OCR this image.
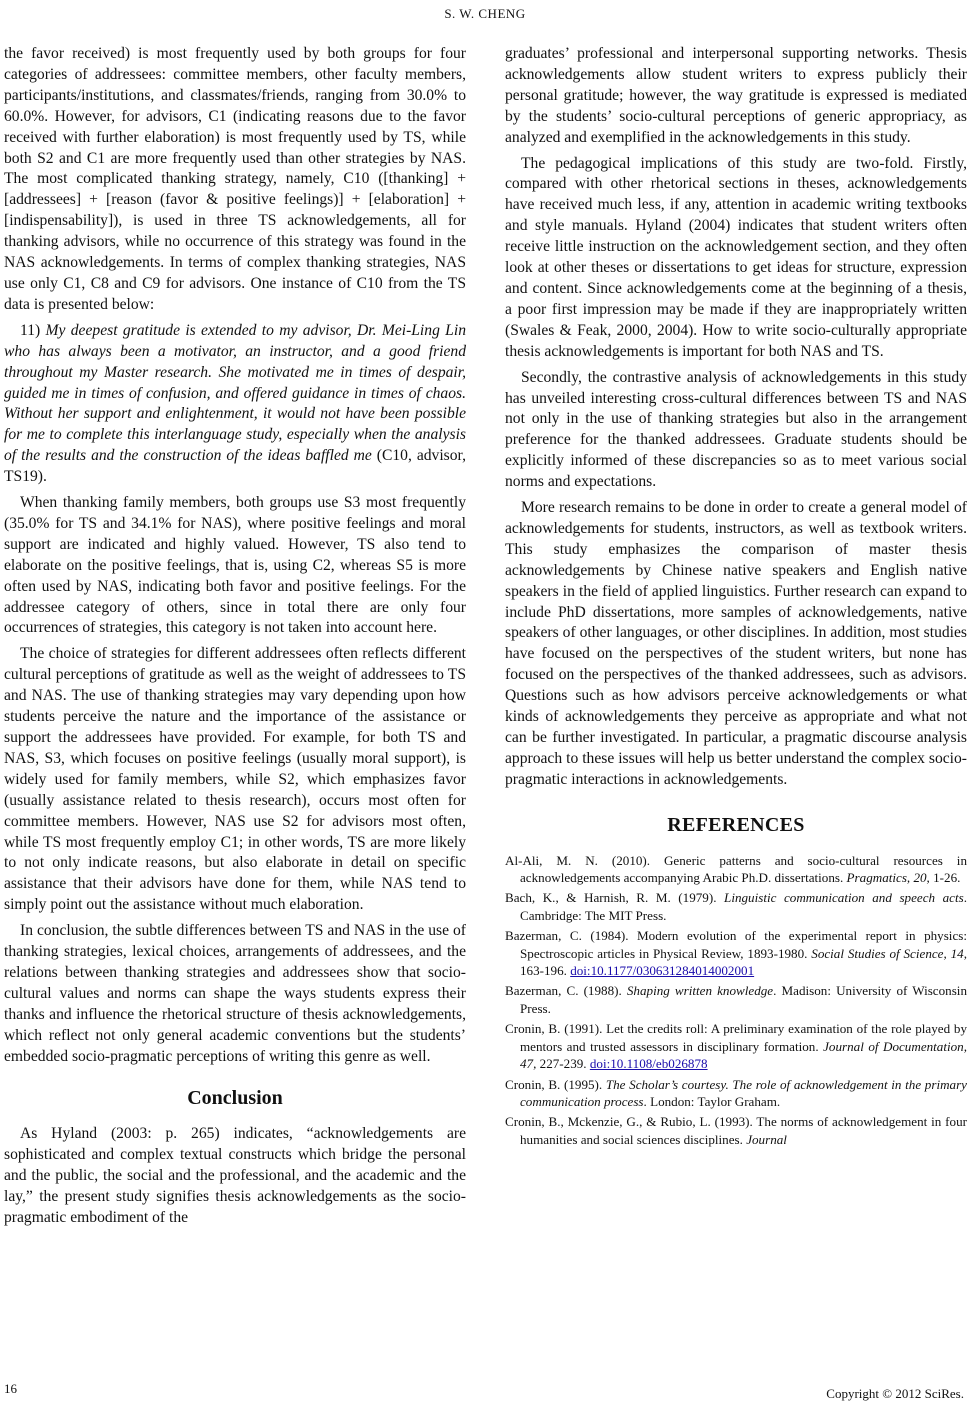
S. W. CHENG

the favor received) is most frequently used by both groups for four categories of addressees: committee members, other faculty members, participants/institutions, and classmates/friends, ranging from 30.0% to 60.0%. However, for advisors, C1 (indicating reasons due to the favor received with further elaboration) is most frequently used by TS, while both S2 and C1 are more frequently used than other strategies by NAS. The most complicated thanking strategy, namely, C10 ([thanking] + [addressees] + [reason (favor & positive feelings)] + [elaboration] + [indispensability]), is used in three TS acknowledgements, all for thanking advisors, while no occurrence of this strategy was found in the NAS acknowledgements. In terms of complex thanking strategies, NAS use only C1, C8 and C9 for advisors. One instance of C10 from the TS data is presented below:

11) My deepest gratitude is extended to my advisor, Dr. Mei-Ling Lin who has always been a motivator, an instructor, and a good friend throughout my Master research. She motivated me in times of despair, guided me in times of confusion, and offered guidance in times of chaos. Without her support and enlightenment, it would not have been possible for me to complete this interlanguage study, especially when the analysis of the results and the construction of the ideas baffled me (C10, advisor, TS19).

When thanking family members, both groups use S3 most frequently (35.0% for TS and 34.1% for NAS), where positive feelings and moral support are indicated and highly valued. However, TS also tend to elaborate on the positive feelings, that is, using C2, whereas S5 is more often used by NAS, indicating both favor and positive feelings. For the addressee category of others, since in total there are only four occurrences of strategies, this category is not taken into account here.

The choice of strategies for different addressees often reflects different cultural perceptions of gratitude as well as the weight of addressees to TS and NAS. The use of thanking strategies may vary depending upon how students perceive the nature and the importance of the assistance or support the addressees have provided. For example, for both TS and NAS, S3, which focuses on positive feelings (usually moral support), is widely used for family members, while S2, which emphasizes favor (usually assistance related to thesis research), occurs most often for committee members. However, NAS use S2 for advisors most often, while TS most frequently employ C1; in other words, TS are more likely to not only indicate reasons, but also elaborate in detail on specific assistance that their advisors have done for them, while NAS tend to simply point out the assistance without much elaboration.

In conclusion, the subtle differences between TS and NAS in the use of thanking strategies, lexical choices, arrangements of addressees, and the relations between thanking strategies and addressees show that socio-cultural values and norms can shape the ways students express their thanks and influence the rhetorical structure of thesis acknowledgements, which reflect not only general academic conventions but the students’ embedded socio-pragmatic perceptions of writing this genre as well.

Conclusion

As Hyland (2003: p. 265) indicates, “acknowledgements are sophisticated and complex textual constructs which bridge the personal and the public, the social and the professional, and the academic and the lay,” the present study signifies thesis acknowledgements as the socio-pragmatic embodiment of the

graduates’ professional and interpersonal supporting networks. Thesis acknowledgements allow student writers to express publicly their personal gratitude; however, the way gratitude is expressed is mediated by the students’ socio-cultural perceptions of generic appropriacy, as analyzed and exemplified in the acknowledgements in this study.

The pedagogical implications of this study are two-fold. Firstly, compared with other rhetorical sections in theses, acknowledgements have received much less, if any, attention in academic writing textbooks and style manuals. Hyland (2004) indicates that student writers often receive little instruction on the acknowledgement section, and they often look at other theses or dissertations to get ideas for structure, expression and content. Since acknowledgements come at the beginning of a thesis, a poor first impression may be made if they are inappropriately written (Swales & Feak, 2000, 2004). How to write socio-culturally appropriate thesis acknowledgements is important for both NAS and TS.

Secondly, the contrastive analysis of acknowledgements in this study has unveiled interesting cross-cultural differences between TS and NAS not only in the use of thanking strategies but also in the arrangement preference for the thanked addressees. Graduate students should be explicitly informed of these discrepancies so as to meet various social norms and expectations.

More research remains to be done in order to create a general model of acknowledgements for students, instructors, as well as textbook writers. This study emphasizes the comparison of master thesis acknowledgements by Chinese native speakers and English native speakers in the field of applied linguistics. Further research can expand to include PhD dissertations, more samples of acknowledgements, native speakers of other languages, or other disciplines. In addition, most studies have focused on the perspectives of the student writers, but none has focused on the perspectives of the thanked addressees, such as advisors. Questions such as how advisors perceive acknowledgements or what kinds of acknowledgements they perceive as appropriate and what not can be further investigated. In particular, a pragmatic discourse analysis approach to these issues will help us better understand the complex socio-pragmatic interactions in acknowledgements.

REFERENCES
Al-Ali, M. N. (2010). Generic patterns and socio-cultural resources in acknowledgements accompanying Arabic Ph.D. dissertations. Pragmatics, 20, 1-26.
Bach, K., & Harnish, R. M. (1979). Linguistic communication and speech acts. Cambridge: The MIT Press.
Bazerman, C. (1984). Modern evolution of the experimental report in physics: Spectroscopic articles in Physical Review, 1893-1980. Social Studies of Science, 14, 163-196. doi:10.1177/030631284014002001
Bazerman, C. (1988). Shaping written knowledge. Madison: University of Wisconsin Press.
Cronin, B. (1991). Let the credits roll: A preliminary examination of the role played by mentors and trusted assessors in disciplinary formation. Journal of Documentation, 47, 227-239. doi:10.1108/eb026878
Cronin, B. (1995). The Scholar’s courtesy. The role of acknowledgement in the primary communication process. London: Taylor Graham.
Cronin, B., Mckenzie, G., & Rubio, L. (1993). The norms of acknowledgement in four humanities and social sciences disciplines. Journal
16	Copyright © 2012 SciRes.
